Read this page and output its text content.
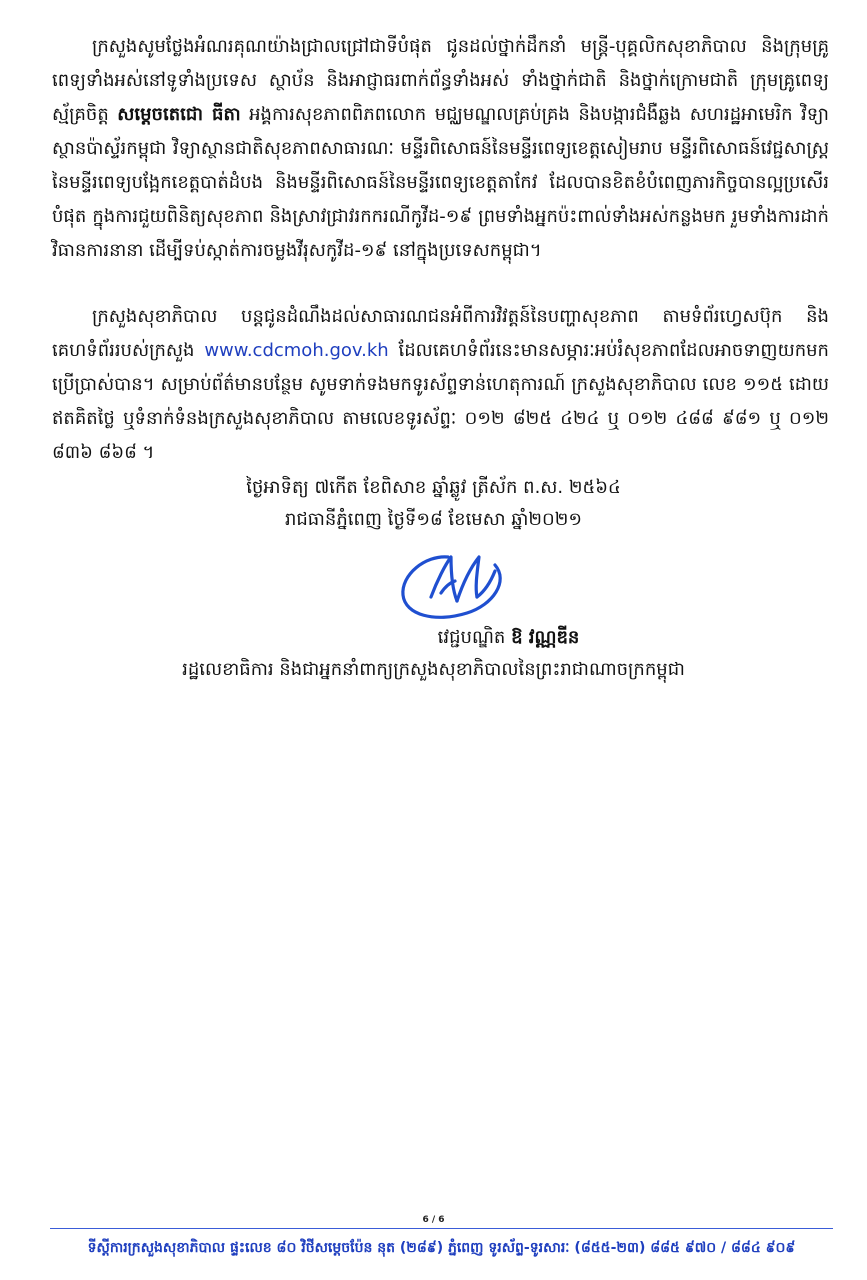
ក្រសួងសូមថ្លែងអំណរគុណយ៉ាងជ្រាលជ្រៅជាទីបំផុត ជូនដល់ថ្នាក់ដឹកនាំ មន្ត្រី-បុគ្គលិកសុខាភិបាល និងក្រុមគ្រូពេទ្យទាំងអស់នៅទូទាំងប្រទេស ស្ថាប័ន និងអាជ្ញាធរពាក់ព័ន្ធទាំងអស់ ទាំងថ្នាក់ជាតិ និងថ្នាក់ក្រោមជាតិ ក្រុមគ្រូពេទ្យស្ម័គ្រចិត្ត សម្តេចតេជោ ធីតា អង្គការសុខភាពពិភពលោក មជ្ឈមណ្ឌលគ្រប់គ្រង និងបង្ការជំងឺឆ្លង សហរដ្ឋអាមេរិក វិទ្យាស្ថានប៉ាស្ទ័រកម្ពុជា វិទ្យាស្ថានជាតិសុខភាពសាធារណៈ មន្ទីរពិសោធន៍នៃមន្ទីរពេទ្យខេត្តសៀមរាប មន្ទីរពិសោធន៍វេជ្ជសាស្ត្រនៃមន្ទីរពេទ្យបង្អែកខេត្តបាត់ដំបង និងមន្ទីរពិសោធន៍នៃមន្ទីរពេទ្យខេត្តតាកែវ ដែលបានខិតខំបំពេញភារកិច្ចបានល្អប្រសើរបំផុត ក្នុងការជួយពិនិត្យសុខភាព និងស្រាវជ្រាវរកករណីកូវីដ-១៩ ព្រមទាំងអ្នកប៉ះពាល់ទាំងអស់កន្លងមក រួមទាំងការដាក់វិធានការនានា ដើម្បីទប់ស្កាត់ការចម្លងវីរុសកូវីដ-១៩ នៅក្នុងប្រទេសកម្ពុជា។

ក្រសួងសុខាភិបាល បន្តជូនដំណឹងដល់សាធារណជនអំពីការវិវត្តន៍នៃបញ្ហាសុខភាព តាមទំព័រហ្វេសប៊ុក និងគេហទំព័ររបស់ក្រសួង www.cdcmoh.gov.kh ដែលគេហទំព័រនេះមានសម្ភារៈអប់រំសុខភាពដែលអាចទាញយកមកប្រើប្រាស់បាន។ សម្រាប់ព័ត៌មានបន្ថែម សូមទាក់ទងមកទូរស័ព្ទទាន់ហេតុការណ៍ ក្រសួងសុខាភិបាល លេខ ១១៥ ដោយឥតគិតថ្លៃ ឬទំនាក់ទំនងក្រសួងសុខាភិបាល តាមលេខទូរស័ព្ទៈ ០១២ ៨២៥ ៤២៤ ឬ ០១២ ៤៨៨ ៩៨១ ឬ ០១២ ៨៣៦ ៨៦៨ ។

ថ្ងៃអាទិត្យ ៧កើត ខែពិសាខ ឆ្នាំឆ្លូវ ត្រីស័ក ព.ស. ២៥៦៤
រាជធានីភ្នំពេញ ថ្ងៃទី១៨ ខែមេសា ឆ្នាំ២០២១
វេជ្ជបណ្ឌិត ឱ វណ្ណឌីន
រដ្ឋលេខាធិការ និងជាអ្នកនាំពាក្យក្រសួងសុខាភិបាលនៃព្រះរាជាណាចក្រកម្ពុជា
6 / 6
ទីស្តីការក្រសួងសុខាភិបាល ផ្ទះលេខ ៨០ វិថីសម្តេចប៉ែន នុត (២៨៩) ភ្នំពេញ ទូរស័ព្ទ-ទូរសារៈ (៨៥៥-២៣) ៨៨៥ ៩៧០ / ៨៨៤ ៩០៩
